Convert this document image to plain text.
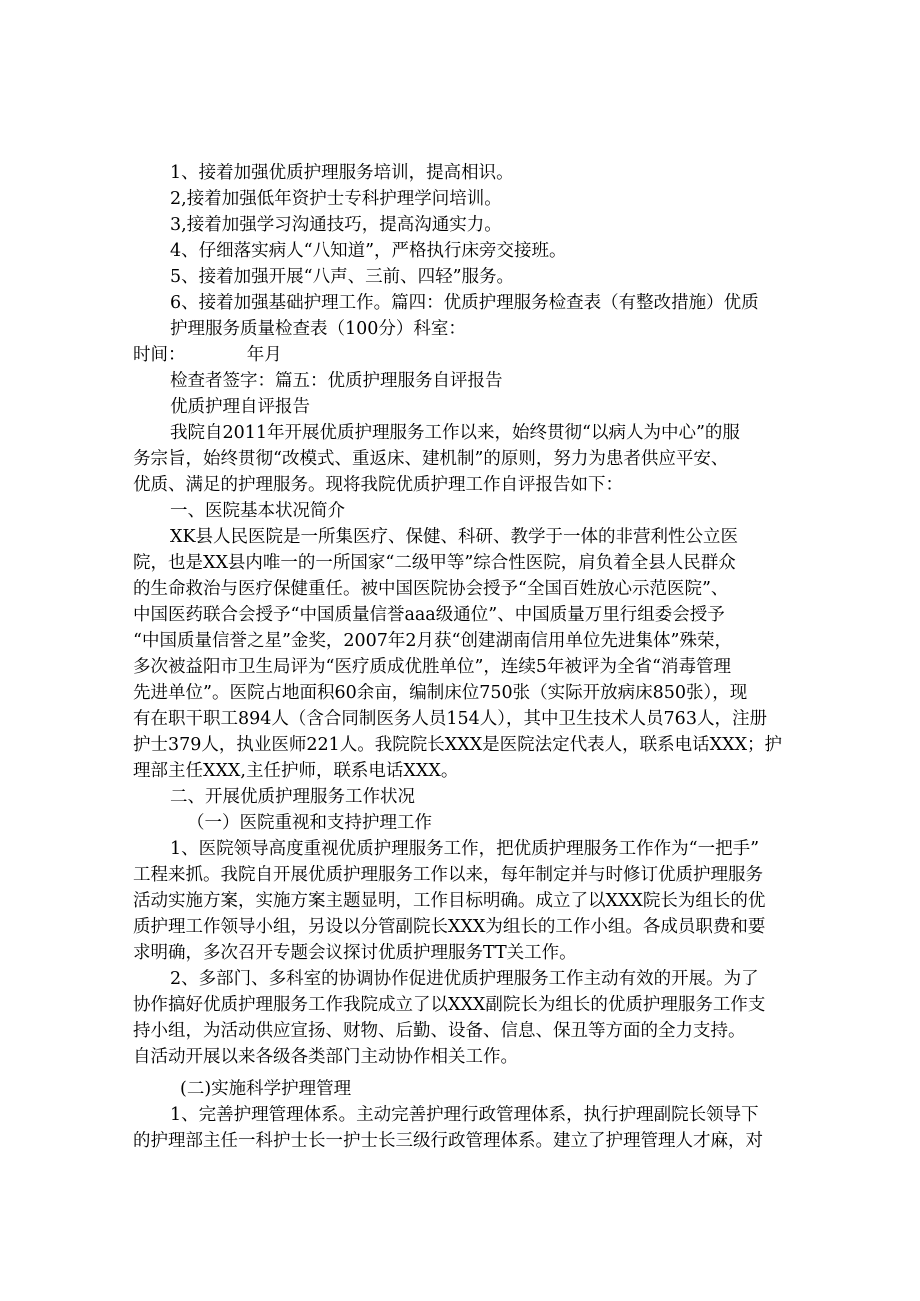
1、接着加强优质护理服务培训，提高相识。
2,接着加强低年资护士专科护理学问培训。
3,接着加强学习沟通技巧，提高沟通实力。
4、仔细落实病人“八知道”，严格执行床旁交接班。
5、接着加强开展“八声、三前、四轻”服务。
6、接着加强基础护理工作。篇四：优质护理服务检查表（有整改措施）优质
护理服务质量检查表（100分）科室：
时间：　　　　年月
检查者签字：篇五：优质护理服务自评报告
优质护理自评报告
我院自2011年开展优质护理服务工作以来，始终贯彻“以病人为中心”的服
务宗旨，始终贯彻“改模式、重返床、建机制”的原则，努力为患者供应平安、
优质、满足的护理服务。现将我院优质护理工作自评报告如下：
一、医院基本状况简介
XK县人民医院是一所集医疗、保健、科研、教学于一体的非营利性公立医
院，也是XX县内唯一的一所国家“二级甲等”综合性医院，肩负着全县人民群众
的生命救治与医疗保健重任。被中国医院协会授予“全国百姓放心示范医院”、
中国医药联合会授予“中国质量信誉aaa级通位”、中国质量万里行组委会授予
“中国质量信誉之星”金奖，2007年2月获“创建湖南信用单位先进集体”殊荣，
多次被益阳市卫生局评为“医疗质成优胜单位”，连续5年被评为全省“消毒管理
先进单位”。医院占地面积60余亩，编制床位750张（实际开放病床850张），现
有在职干职工894人（含合同制医务人员154人），其中卫生技术人员763人，注册
护士379人，执业医师221人。我院院长XXX是医院法定代表人，联系电话XXX；护
理部主任XXX,主任护师，联系电话XXX。
二、开展优质护理服务工作状况
（一）医院重视和支持护理工作
1、医院领导高度重视优质护理服务工作，把优质护理服务工作作为“一把手”
工程来抓。我院自开展优质护理服务工作以来，每年制定并与时修订优质护理服务
活动实施方案，实施方案主题显明，工作目标明确。成立了以XXX院长为组长的优
质护理工作领导小组，另设以分管副院长XXX为组长的工作小组。各成员职费和要
求明确，多次召开专题会议探讨优质护理服务TT关工作。
2、多部门、多科室的协调协作促进优质护理服务工作主动有效的开展。为了
协作搞好优质护理服务工作我院成立了以XXX副院长为组长的优质护理服务工作支
持小组，为活动供应宣扬、财物、后勤、设备、信息、保丑等方面的全力支持。
自活动开展以来各级各类部门主动协作相关工作。
(二)实施科学护理管理
1、完善护理管理体系。主动完善护理行政管理体系，执行护理副院长领导下
的护理部主任一科护士长一护士长三级行政管理体系。建立了护理管理人才麻，对
